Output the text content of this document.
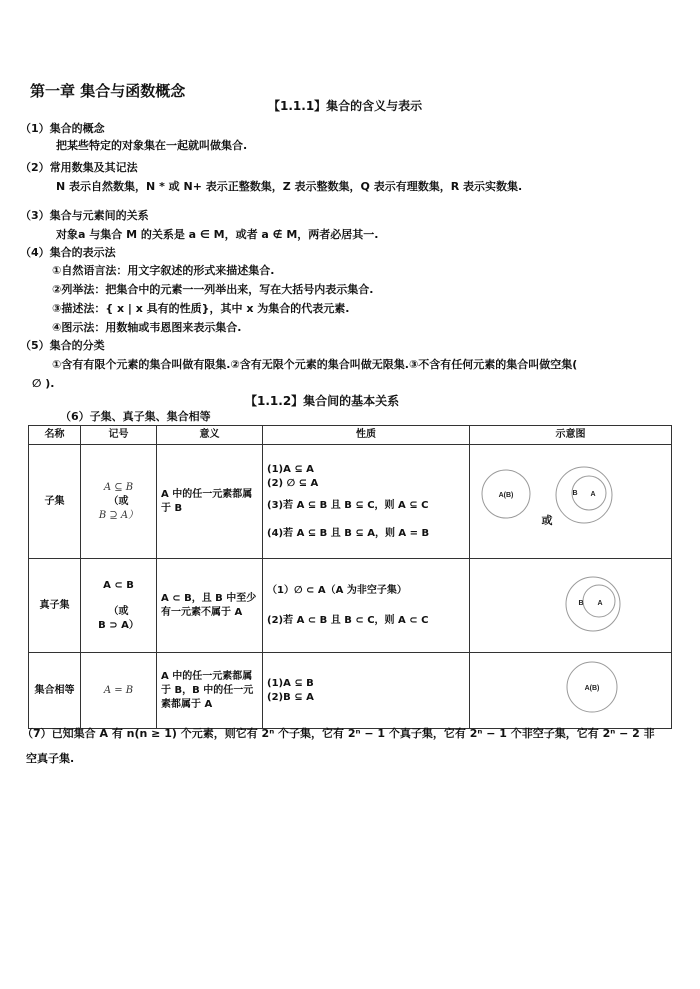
第一章 集合与函数概念
【1.1.1】集合的含义与表示
（1）集合的概念
把某些特定的对象集在一起就叫做集合.
（2）常用数集及其记法
N 表示自然数集，N * 或 N+ 表示正整数集，Z 表示整数集，Q 表示有理数集，R 表示实数集.
（3）集合与元素间的关系
对象a 与集合 M 的关系是 a ∈ M，或者 a ∉ M，两者必居其一.
（4）集合的表示法
①自然语言法：用文字叙述的形式来描述集合.
②列举法：把集合中的元素一一列举出来，写在大括号内表示集合.
③描述法：{ x | x 具有的性质}，其中 x 为集合的代表元素.
④图示法：用数轴或韦恩图来表示集合.
（5）集合的分类
①含有有限个元素的集合叫做有限集.②含有无限个元素的集合叫做无限集.③不含有任何元素的集合叫做空集(
∅ ).
【1.1.2】集合间的基本关系
（6）子集、真子集、集合相等
名称	记号	意义	性质	示意图
子集	A ⊆ B
（或
B ⊇ A）	A 中的任一元素都属于 B	(1)A ⊆ A
(2) ∅ ⊆ A
(3)若 A ⊆ B 且 B ⊆ C，则 A ⊆ C
(4)若 A ⊆ B 且 B ⊆ A，则 A = B	A(B)
或
B A

真子集	A ⊂ B
（或
B ⊃ A）	A ⊂ B，且 B 中至少有一元素不属于 A	（1）∅ ⊂ A（A 为非空子集）
(2)若 A ⊂ B 且 B ⊂ C，则 A ⊂ C	B A

集合相等	A = B	A 中的任一元素都属于 B，B 中的任一元素都属于 A	(1)A ⊆ B
(2)B ⊆ A	A(B)
（7）已知集合 A 有 n(n ≥ 1) 个元素，则它有 2ⁿ 个子集，它有 2ⁿ − 1 个真子集，它有 2ⁿ − 1 个非空子集，它有 2ⁿ − 2 非
空真子集.
